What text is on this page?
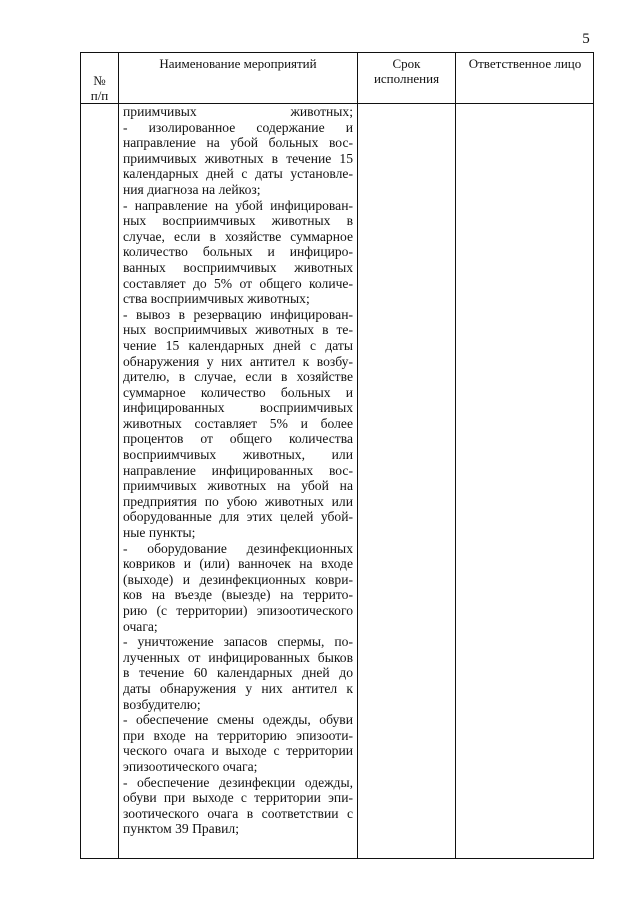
5
№
п/п
Наименование мероприятий	Срок
исполнения
Ответственное лицо
приимчивых животных;
- изолированное содержание и
направление на убой больных вос-
приимчивых животных в течение 15
календарных дней с даты установле-
ния диагноза на лейкоз;
- направление на убой инфицирован-
ных восприимчивых животных в
случае, если в хозяйстве суммарное
количество больных и инфициро-
ванных восприимчивых животных
составляет до 5% от общего количе-
ства восприимчивых животных;
- вывоз в резервацию инфицирован-
ных восприимчивых животных в те-
чение 15 календарных дней с даты
обнаружения у них антител к возбу-
дителю, в случае, если в хозяйстве
суммарное количество больных и
инфицированных восприимчивых
животных составляет 5% и более
процентов от общего количества
восприимчивых животных, или
направление инфицированных вос-
приимчивых животных на убой на
предприятия по убою животных или
оборудованные для этих целей убой-
ные пункты;
- оборудование дезинфекционных
ковриков и (или) ванночек на входе
(выходе) и дезинфекционных коври-
ков на въезде (выезде) на террито-
рию (с территории) эпизоотического
очага;
- уничтожение запасов спермы, по-
лученных от инфицированных быков
в течение 60 календарных дней до
даты обнаружения у них антител к
возбудителю;
- обеспечение смены одежды, обуви
при входе на территорию эпизооти-
ческого очага и выходе с территории
эпизоотического очага;
- обеспечение дезинфекции одежды,
обуви при выходе с территории эпи-
зоотического очага в соответствии с
пунктом 39 Правил;
